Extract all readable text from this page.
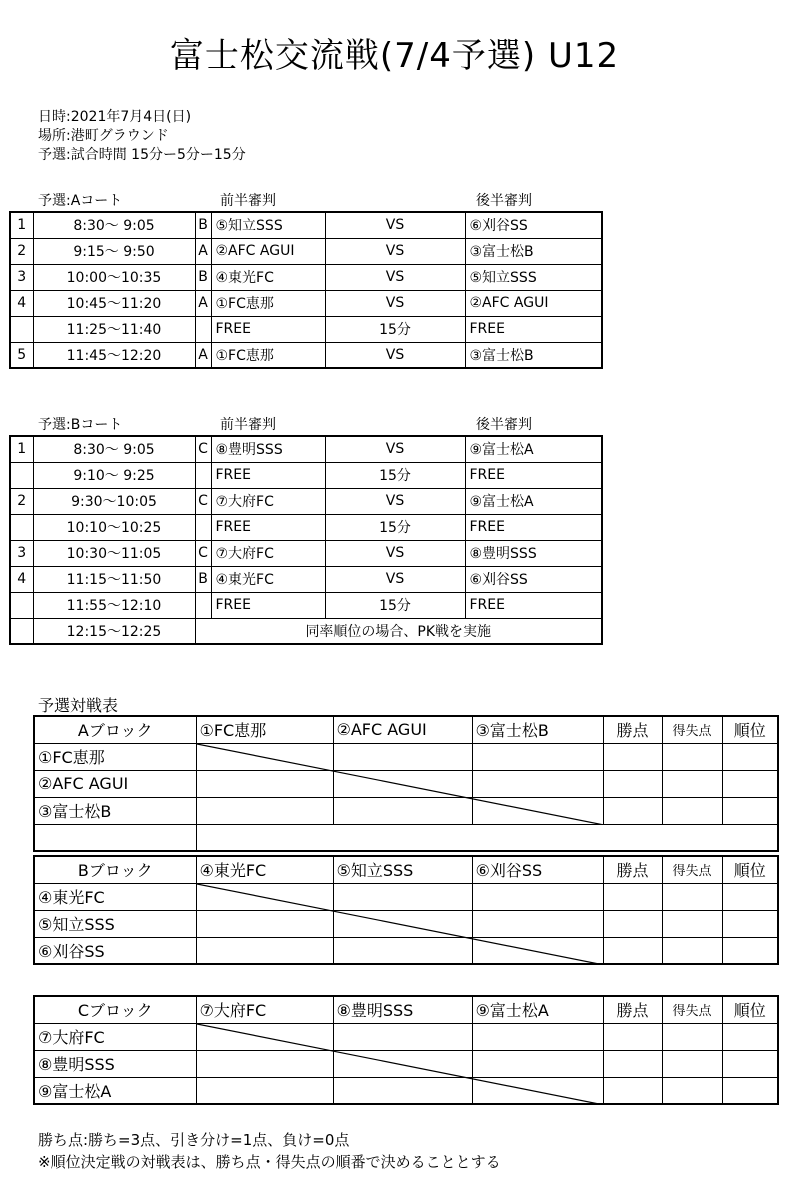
富士松交流戦(7/4予選) U12
日時:2021年7月4日(日)
場所:港町グラウンド
予選:試合時間 15分ー5分ー15分
予選:Aコート	前半審判	後半審判
1	8:30〜 9:05	B	⑤知立SSS	VS	⑥刈谷SS
2	9:15〜 9:50	A	②AFC AGUI	VS	③富士松B
3	10:00〜10:35	B	④東光FC	VS	⑤知立SSS
4	10:45〜11:20	A	①FC恵那	VS	②AFC AGUI
	11:25〜11:40		FREE	15分	FREE
5	11:45〜12:20	A	①FC恵那	VS	③富士松B
予選:Bコート	前半審判	後半審判
1	8:30〜 9:05	C	⑧豊明SSS	VS	⑨富士松A
	9:10〜 9:25		FREE	15分	FREE
2	9:30〜10:05	C	⑦大府FC	VS	⑨富士松A
	10:10〜10:25		FREE	15分	FREE
3	10:30〜11:05	C	⑦大府FC	VS	⑧豊明SSS
4	11:15〜11:50	B	④東光FC	VS	⑥刈谷SS
	11:55〜12:10		FREE	15分	FREE
	12:15〜12:25	同率順位の場合、PK戦を実施			
予選対戦表
Aブロック	①FC恵那	②AFC AGUI	③富士松B	勝点	得失点	順位
①FC恵那						
②AFC AGUI						
③富士松B						

Bブロック	④東光FC	⑤知立SSS	⑥刈谷SS	勝点	得失点	順位
④東光FC						
⑤知立SSS						
⑥刈谷SS						
Cブロック	⑦大府FC	⑧豊明SSS	⑨富士松A	勝点	得失点	順位
⑦大府FC						
⑧豊明SSS						
⑨富士松A						
勝ち点:勝ち=3点、引き分け=1点、負け=0点
※順位決定戦の対戦表は、勝ち点・得失点の順番で決めることとする
